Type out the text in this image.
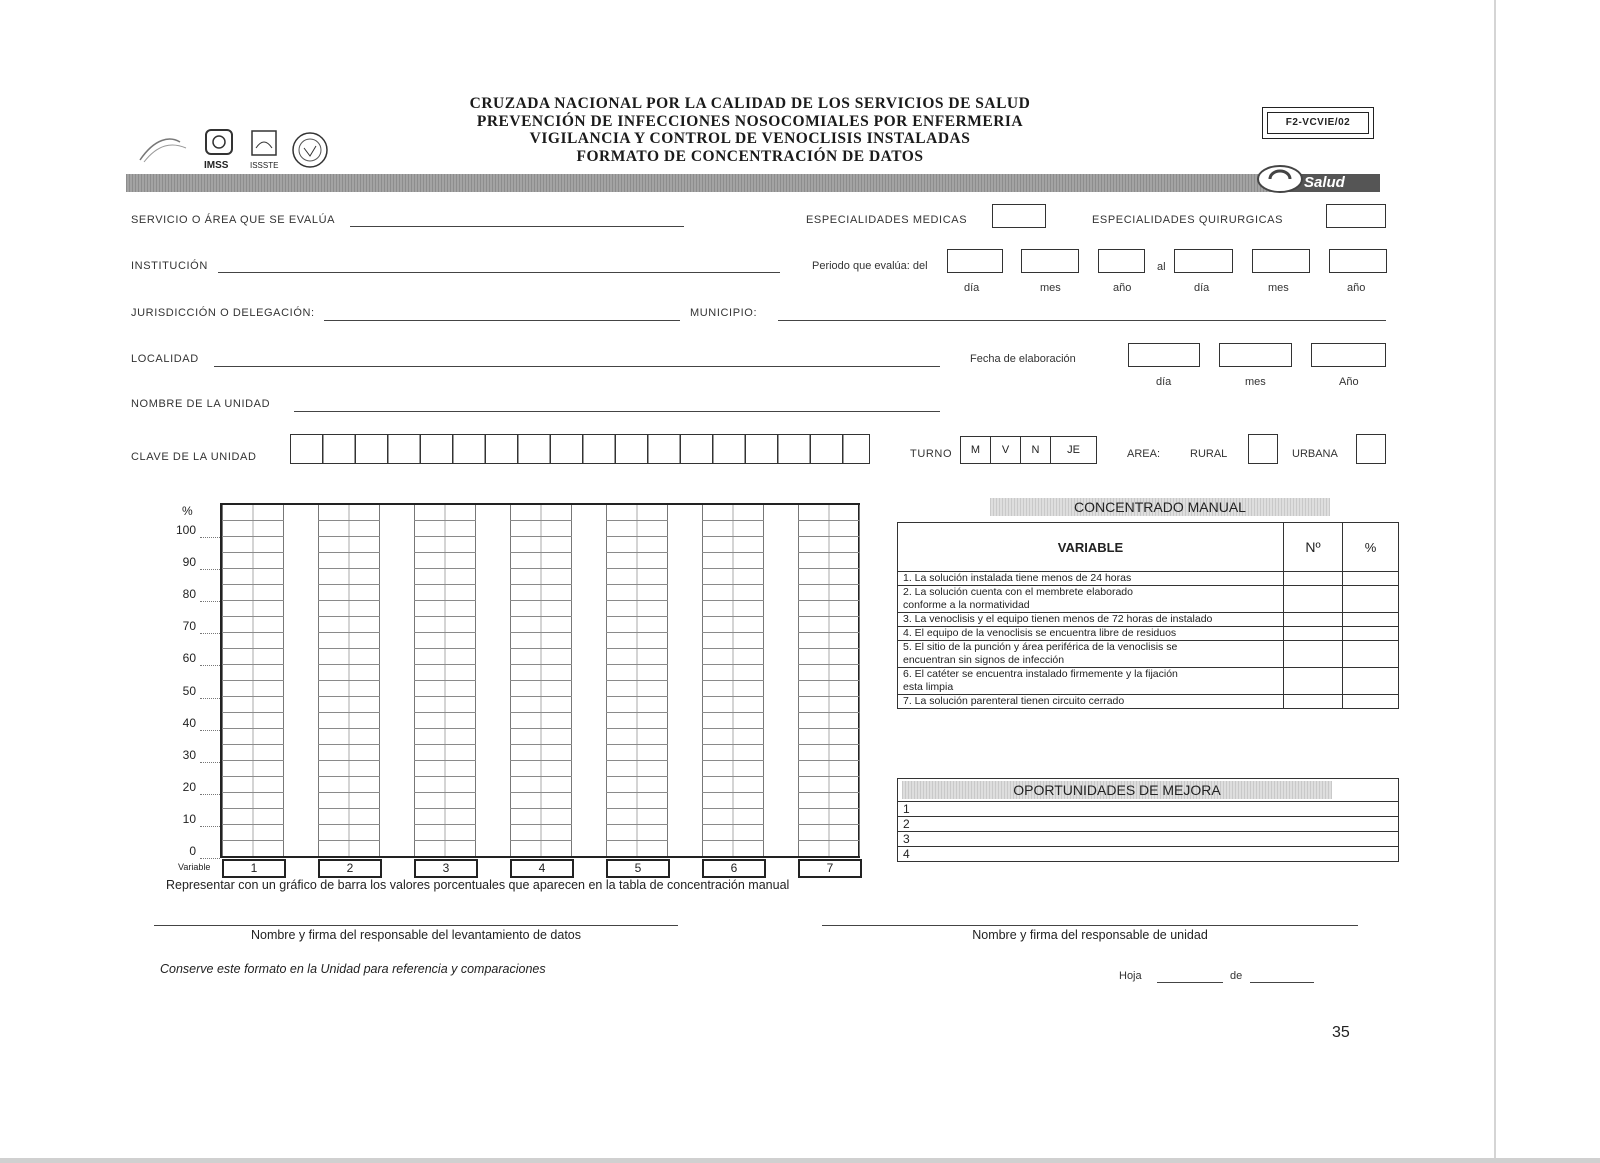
IMSS	ISSSTE
CRUZADA NACIONAL POR LA CALIDAD DE LOS SERVICIOS DE SALUD
PREVENCIÓN DE INFECCIONES NOSOCOMIALES POR ENFERMERIA
VIGILANCIA Y CONTROL DE VENOCLISIS INSTALADAS
FORMATO DE CONCENTRACIÓN DE DATOS
F2-VCVIE/02
Salud
SERVICIO O ÁREA QUE SE EVALÚA	ESPECIALIDADES MEDICAS	ESPECIALIDADES QUIRURGICAS
INSTITUCIÓN	Periodo que evalúa: del	al
día	mes	año	día	mes	año
JURISDICCIÓN O DELEGACIÓN:	MUNICIPIO:
LOCALIDAD	Fecha de elaboración
día	mes	Año
NOMBRE DE LA UNIDAD
CLAVE DE LA UNIDAD	TURNO	M	V	N	JE	AREA:	RURAL	URBANA
%
100
90
80
70
60
50
40
30
20
10
0
Variable	1	2	3	4	5	6	7
Representar con un gráfico de barra los valores porcentuales que aparecen en la tabla de concentración manual
CONCENTRADO MANUAL
VARIABLE	Nº	%
1. La solución instalada tiene menos de 24 horas		
2. La solución cuenta con el membrete elaborado conforme a la normatividad		
3. La venoclisis y el equipo tienen menos de 72 horas de instalado		
4. El equipo de la venoclisis se encuentra libre de residuos		
5. El sitio de la punción y área periférica de la venoclisis se encuentran sin signos de infección		
6. El catéter se encuentra instalado firmemente y la fijación esta limpia		
7. La solución parenteral tienen circuito cerrado		
OPORTUNIDADES DE MEJORA
1
2
3
4
Nombre y firma del responsable del levantamiento de datos	Nombre y firma del responsable de unidad
Conserve este formato en la Unidad para referencia y comparaciones	Hoja	de
35
